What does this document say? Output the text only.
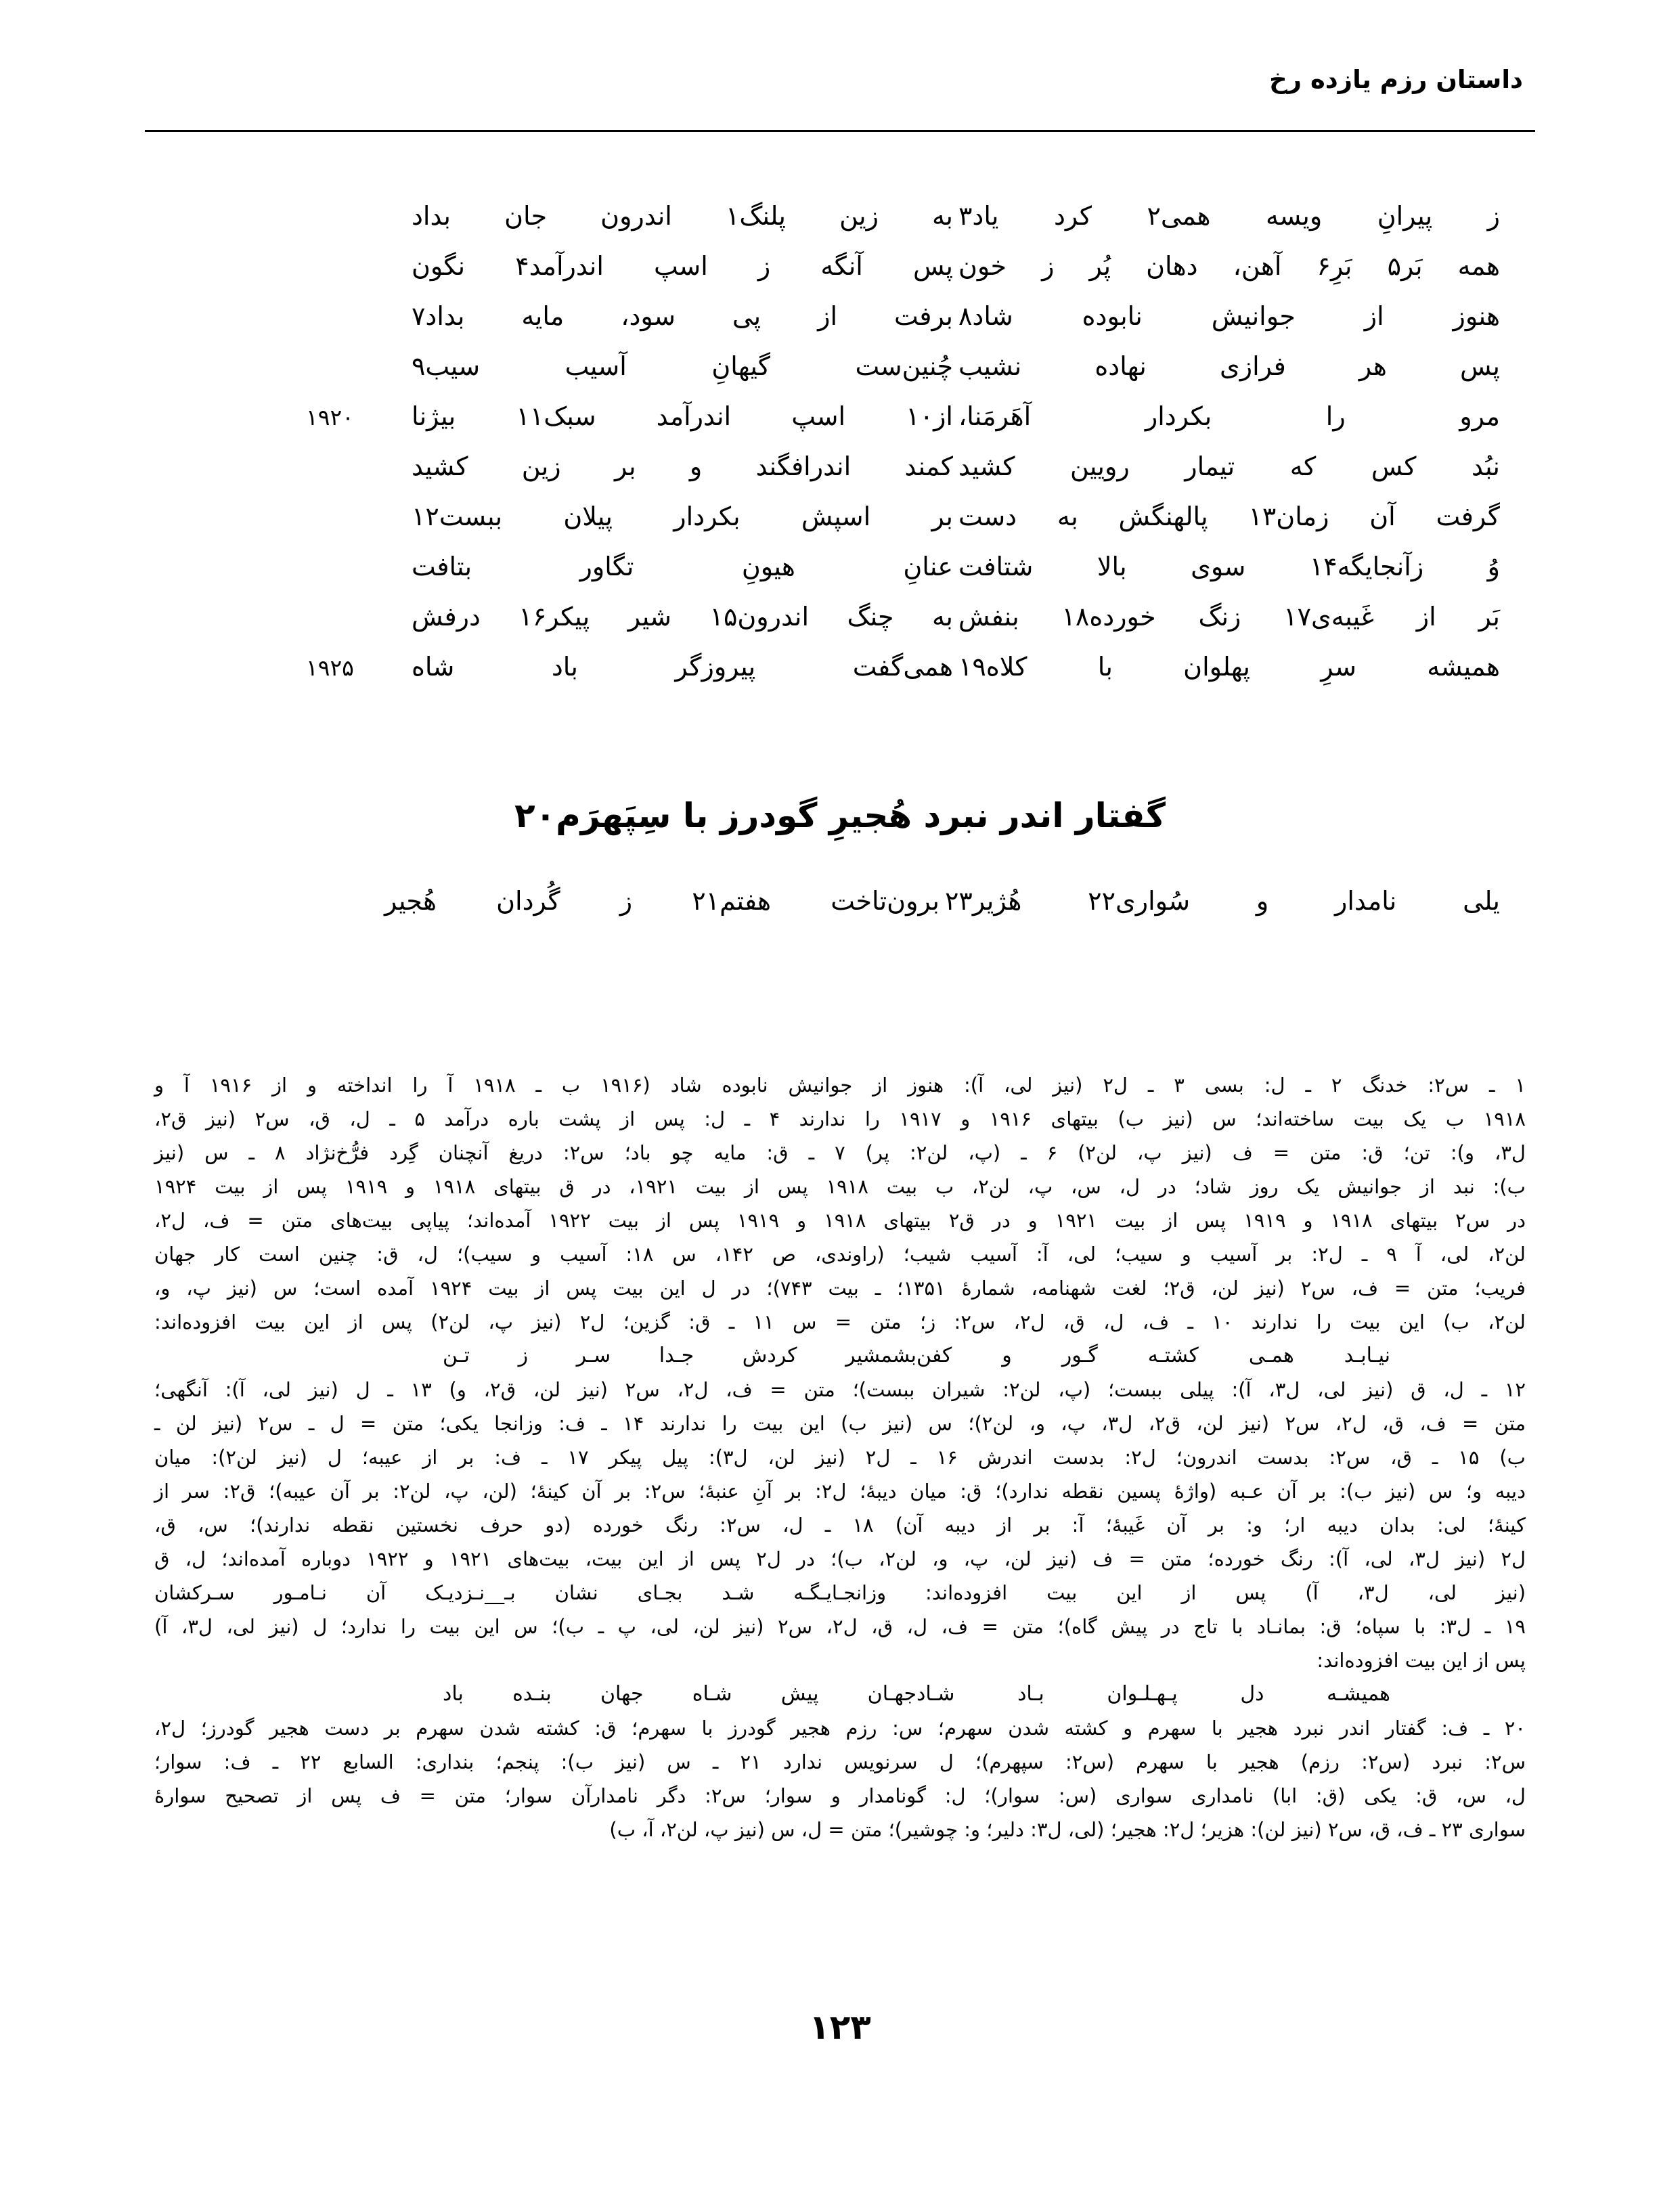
داستان رزم یازده رخ
ز پیرانِ ویسه همی۲ کرد یاد۳
به زین پلنگ۱ اندرون جان بداد
همه بَر۵ بَرِ۶ آهن، دهان پُر ز خون
پس آنگه ز اسپ اندرآمد۴ نگون
هنوز از جوانیش نابوده شاد۸
برفت از پی سود، مایه بداد۷
پس هر فرازی نهاده نشیب
چُنین‌ست گیهانِ آسیب سیب۹
مرو را بکردار آهَرمَنا،
از۱۰ اسپ اندرآمد سبک۱۱ بیژنا
۱۹۲۰
نبُد کس که تیمار رویین کشید
کمند اندرافگند و بر زین کشید
گرفت آن زمان۱۳ پالهنگش به دست
بر اسپش بکردار پیلان ببست۱۲
وُ زآنجایگه۱۴ سوی بالا شتافت
عنانِ هیونِ تگاور بتافت
بَر از غَیبه‌ی۱۷ زنگ خورده۱۸ بنفش
به چنگ اندرون۱۵ شیر پیکر۱۶ درفش
همیشه سرِ پهلوان با کلاه۱۹
همی‌گفت پیروزگر باد شاه
۱۹۲۵
گفتار اندر نبرد هُجیرِ گودرز با سِپَهرَم۲۰
یلی نامدار و سُواری۲۲ هُژیر۲۳
برون‌تاخت هفتم۲۱ ز گُردان هُجیر
۱ ـ س۲: خدنگ ۲ ـ ل: بسی ۳ ـ ل۲ (نیز لی، آ): هنوز از جوانیش نابوده شاد (۱۹۱۶ ب ـ ۱۹۱۸ آ را انداخته و از ۱۹۱۶ آ و
۱۹۱۸ ب یک بیت ساخته‌اند؛ س (نیز ب) بیتهای ۱۹۱۶ و ۱۹۱۷ را ندارند ۴ ـ ل: پس از پشت باره درآمد ۵ ـ ل، ق، س۲ (نیز ق۲،
ل۳، و): تن؛ ق: متن = ف (نیز پ، لن۲) ۶ ـ (پ، لن۲: پر) ۷ ـ ق: مایه چو باد؛ س۲: دریغ آنچنان گِرد فرُّخ‌نژاد ۸ ـ س (نیز
ب): نبد از جوانیش یک روز شاد؛ در ل، س، پ، لن۲، ب بیت ۱۹۱۸ پس از بیت ۱۹۲۱، در ق بیتهای ۱۹۱۸ و ۱۹۱۹ پس از بیت ۱۹۲۴
در س۲ بیتهای ۱۹۱۸ و ۱۹۱۹ پس از بیت ۱۹۲۱ و در ق۲ بیتهای ۱۹۱۸ و ۱۹۱۹ پس از بیت ۱۹۲۲ آمده‌اند؛ پیاپی بیت‌های متن = ف، ل۲،
لن۲، لی، آ ۹ ـ ل۲: بر آسیب و سیب؛ لی، آ: آسیب شیب؛ (راوندی، ص ۱۴۲، س ۱۸: آسیب و سیب)؛ ل، ق: چنین است کار جهان
فریب؛ متن = ف، س۲ (نیز لن، ق۲؛ لغت شهنامه، شمارهٔ ۱۳۵۱؛ ـ بیت ۷۴۳)؛ در ل این بیت پس از بیت ۱۹۲۴ آمده است؛ س (نیز پ، و،
لن۲، ب) این بیت را ندارند ۱۰ ـ ف، ل، ق، ل۲، س۲: ز؛ متن = س ۱۱ ـ ق: گزین؛ ل۲ (نیز پ، لن۲) پس از این بیت افزوده‌اند:
نیـابـد همـی کشتـه گـور و کفن
بشمشیر کردش جـدا سـر ز تـن
۱۲ ـ ل، ق (نیز لی، ل۳، آ): پیلی ببست؛ (پ، لن۲: شیران ببست)؛ متن = ف، ل۲، س۲ (نیز لن، ق۲، و) ۱۳ ـ ل (نیز لی، آ): آنگهی؛
متن = ف، ق، ل۲، س۲ (نیز لن، ق۲، ل۳، پ، و، لن۲)؛ س (نیز ب) این بیت را ندارند ۱۴ ـ ف: وزانجا یکی؛ متن = ل ـ س۲ (نیز لن ـ
ب) ۱۵ ـ ق، س۲: بدست اندرون؛ ل۲: بدست اندرش ۱۶ ـ ل۲ (نیز لن، ل۳): پیل پیکر ۱۷ ـ ف: بر از عیبه؛ ل (نیز لن۲): میان
دیبه و؛ س (نیز ب): بر آن عـبه (واژهٔ پسین نقطه ندارد)؛ ق: میان دیبهٔ؛ ل۲: بر آنِ عنبهٔ؛ س۲: بر آن کینهٔ؛ (لن، پ، لن۲: بر آن عیبه)؛ ق۲: سر از
کینهٔ؛ لی: بدان دیبه ار؛ و: بر آن غَیبهٔ؛ آ: بر از دیبه آن) ۱۸ ـ ل، س۲: رنگ خورده (دو حرف نخستین نقطه ندارند)؛ س، ق،
ل۲ (نیز ل۳، لی، آ): رنگ خورده؛ متن = ف (نیز لن، پ، و، لن۲، ب)؛ در ل۲ پس از این بیت، بیت‌های ۱۹۲۱ و ۱۹۲۲ دوباره آمده‌اند؛ ل، ق
(نیز لی، ل۳، آ) پس از این بیت افزوده‌اند: وزانجـایـگـه شـد بجـای نشان بـ__نـزدیـک آن نـامـور سـرکشان
۱۹ ـ ل۳: با سپاه؛ ق: بمانـاد با تاج در پیش گاه)؛ متن = ف، ل، ق، ل۲، س۲ (نیز لن، لی، پ ـ ب)؛ س این بیت را ندارد؛ ل (نیز لی، ل۳، آ)
پس از این بیت افزوده‌اند:
همیشـه دل پـهـلـوان بـاد شـاد
جهـان پیش شـاه جهان بنـده باد
۲۰ ـ ف: گفتار اندر نبرد هجیر با سهرم و کشته شدن سهرم؛ س: رزم هجیر گودرز با سهرم؛ ق: کشته شدن سهرم بر دست هجیر گودرز؛ ل۲،
س۲: نبرد (س۲: رزم) هجیر با سهرم (س۲: سپهرم)؛ ل سرنویس ندارد ۲۱ ـ س (نیز ب): پنجم؛ بنداری: السابع ۲۲ ـ ف: سوار؛
ل، س، ق: یکی (ق: ابا) نامداری سواری (س: سوار)؛ ل: گونامدار و سوار؛ س۲: دگر نامدارآن سوار؛ متن = ف پس از تصحیح سوارهٔ
سواری ۲۳ ـ ف، ق، س۲ (نیز لن): هزیر؛ ل۲: هجیر؛ (لی، ل۳: دلیر؛ و: چوشیر)؛ متن = ل، س (نیز پ، لن۲، آ، ب)
۱۲۳
